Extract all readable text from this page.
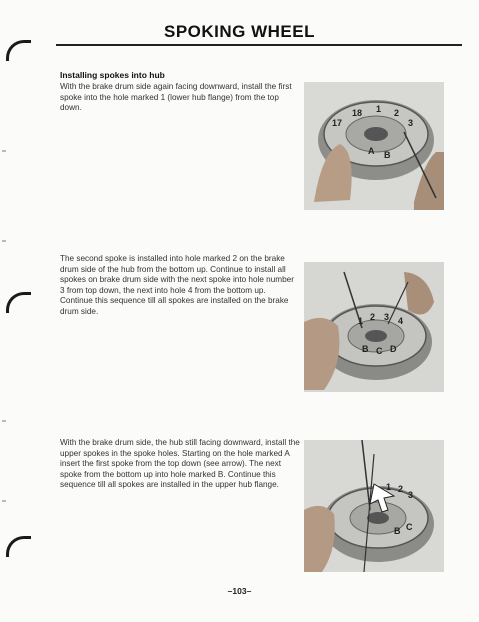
SPOKING WHEEL
Installing spokes into hub

With the brake drum side again facing downward, install the first spoke into the hole marked 1 (lower hub flange) from the top down.

The second spoke is installed into hole marked 2 on the brake drum side of the hub from the bottom up. Continue to install all spokes on brake drum side with the next spoke into hole number 3 from top down, the next into hole 4 from the bottom up. Continue this sequence till all spokes are installed on the brake drum side.

With the brake drum side, the hub still facing downward, install the upper spokes in the spoke holes. Starting on the hole marked A insert the first spoke from the top down (see arrow). The next spoke from the bottom up into hole marked B. Continue this sequence till all spokes are installed in the upper hub flange.

17
18 1 2
3
A B
1 2 3 4
B C D
1 2
3
B C
–103–
